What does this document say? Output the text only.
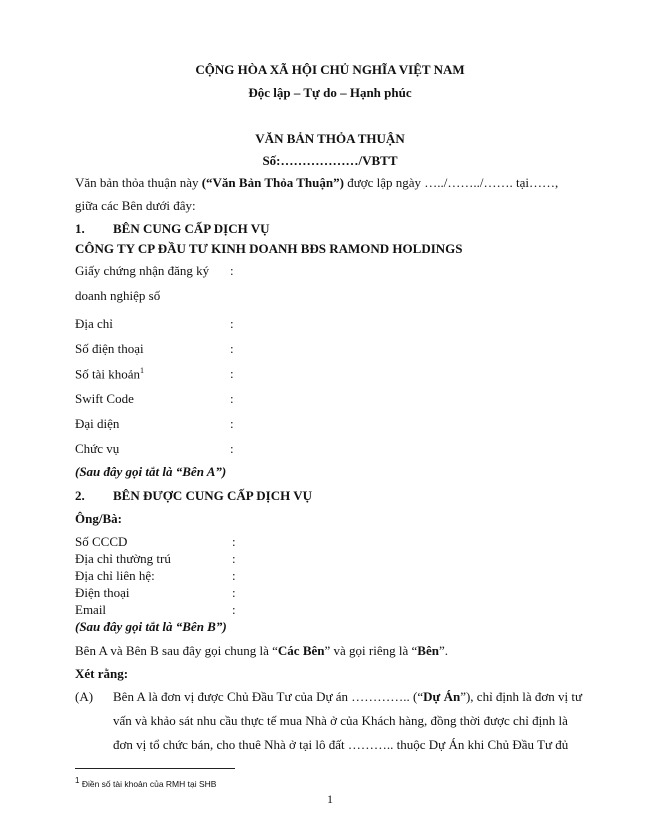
CỘNG HÒA XÃ HỘI CHỦ NGHĨA VIỆT NAM
Độc lập – Tự do – Hạnh phúc
VĂN BẢN THỎA THUẬN
Số:………………/VBTT
Văn bản thỏa thuận này (“Văn Bản Thỏa Thuận”) được lập ngày …../……../……. tại……,
giữa các Bên dưới đây:
1. BÊN CUNG CẤP DỊCH VỤ
CÔNG TY CP ĐẦU TƯ KINH DOANH BĐS RAMOND HOLDINGS
Giấy chứng nhận đăng ký :
doanh nghiệp số
Địa chỉ	:
Số điện thoại	:
Số tài khoản$^1$	:
Swift Code	:
Đại diện	:
Chức vụ	:
(Sau đây gọi tắt là “Bên A”)
2. BÊN ĐƯỢC CUNG CẤP DỊCH VỤ
Ông/Bà:
Số CCCD	:
Địa chỉ thường trú	:
Địa chỉ liên hệ:	:
Điện thoại	:
Email	:
(Sau đây gọi tắt là “Bên B”)
Bên A và Bên B sau đây gọi chung là “Các Bên” và gọi riêng là “Bên”.
Xét rằng:
(A) Bên A là đơn vị được Chủ Đầu Tư của Dự án ………….. (“Dự Án”), chỉ định là đơn vị tư
vấn và khảo sát nhu cầu thực tế mua Nhà ở của Khách hàng, đồng thời được chỉ định là
đơn vị tổ chức bán, cho thuê Nhà ở tại lô đất ……….. thuộc Dự Án khi Chủ Đầu Tư đủ
$^1$ Điền số tài khoản của RMH tại SHB
1
